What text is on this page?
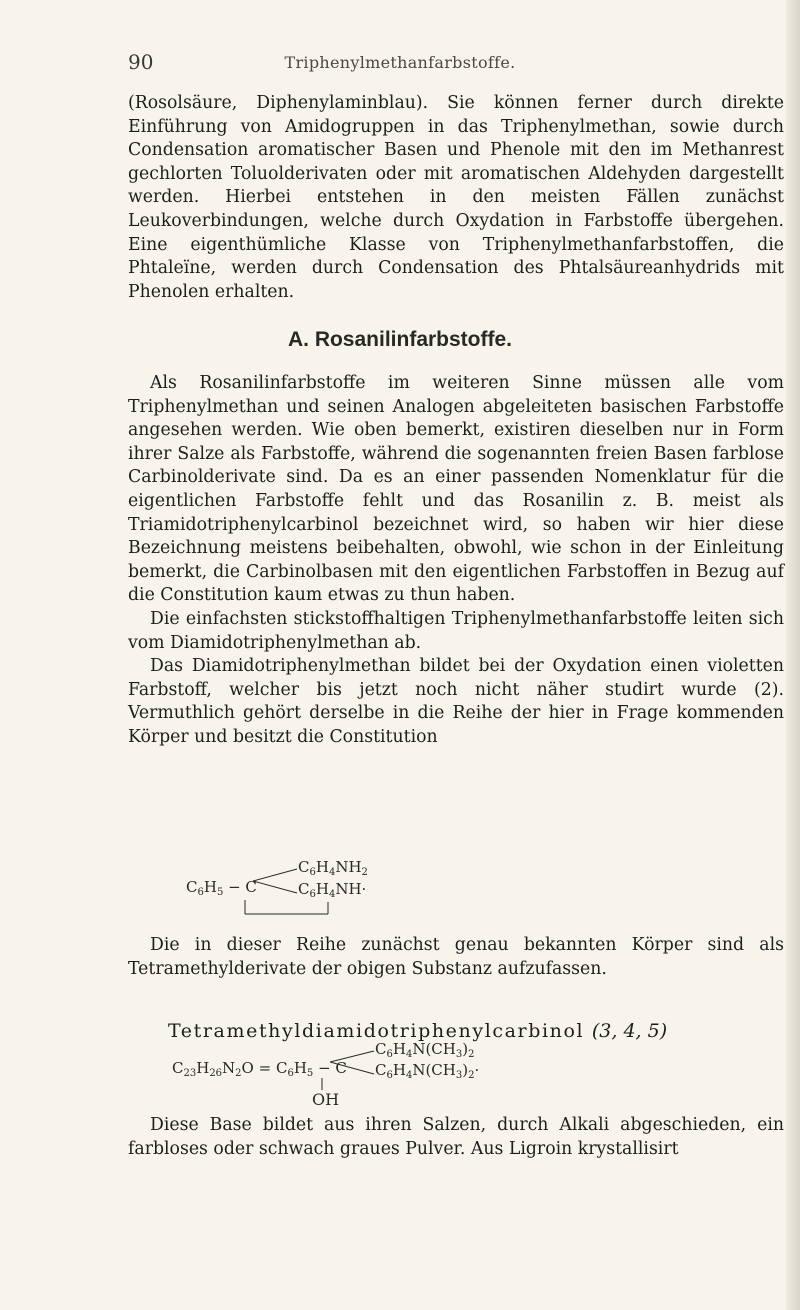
90	Triphenylmethanfarbstoffe.

(Rosolsäure, Diphenylaminblau). Sie können ferner durch direkte Einführung von Amidogruppen in das Triphenylmethan, sowie durch Condensation aromatischer Basen und Phenole mit den im Methanrest gechlorten Toluolderivaten oder mit aromatischen Aldehyden dargestellt werden. Hierbei entstehen in den meisten Fällen zunächst Leukoverbindungen, welche durch Oxydation in Farbstoffe übergehen. Eine eigenthümliche Klasse von Triphenylmethanfarbstoffen, die Phtaleïne, werden durch Condensation des Phtalsäureanhydrids mit Phenolen erhalten.

A. Rosanilinfarbstoffe.

Als Rosanilinfarbstoffe im weiteren Sinne müssen alle vom Triphenylmethan und seinen Analogen abgeleiteten basischen Farbstoffe angesehen werden. Wie oben bemerkt, existiren dieselben nur in Form ihrer Salze als Farbstoffe, während die sogenannten freien Basen farblose Carbinolderivate sind. Da es an einer passenden Nomenklatur für die eigentlichen Farbstoffe fehlt und das Rosanilin z. B. meist als Triamidotriphenylcarbinol bezeichnet wird, so haben wir hier diese Bezeichnung meistens beibehalten, obwohl, wie schon in der Einleitung bemerkt, die Carbinolbasen mit den eigentlichen Farbstoffen in Bezug auf die Constitution kaum etwas zu thun haben.

Die einfachsten stickstoffhaltigen Triphenylmethanfarbstoffe leiten sich vom Diamidotriphenylmethan ab.

Das Diamidotriphenylmethan bildet bei der Oxydation einen violetten Farbstoff, welcher bis jetzt noch nicht näher studirt wurde (2). Vermuthlich gehört derselbe in die Reihe der hier in Frage kommenden Körper und besitzt die Constitution

$C_6H_5 - C$
$C_6H_4NH_2$
$C_6H_4NH\cdot$

Die in dieser Reihe zunächst genau bekannten Körper sind als Tetramethylderivate der obigen Substanz aufzufassen.

Tetramethyldiamidotriphenylcarbinol (3, 4, 5)
$C_{23}H_{26}N_2O = C_6H_5 - C$
$C_6H_4N(CH_3)_2$
$C_6H_4N(CH_3)_2\cdot$
OH

Diese Base bildet aus ihren Salzen, durch Alkali abgeschieden, ein farbloses oder schwach graues Pulver. Aus Ligroin krystallisirt
